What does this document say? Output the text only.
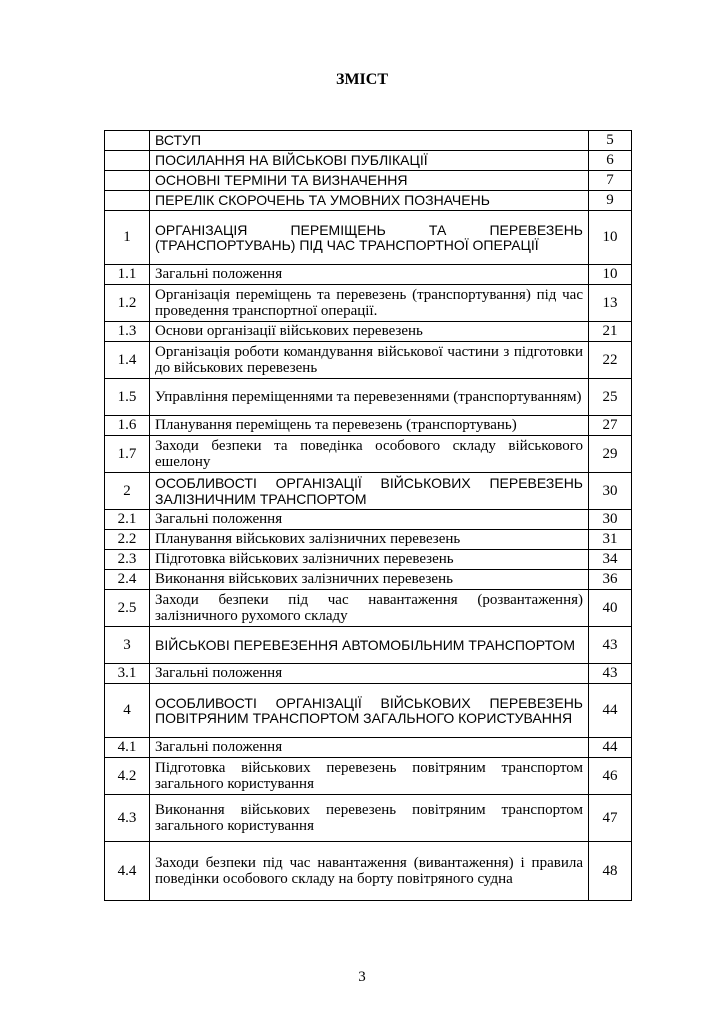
ЗМІСТ
	ВСТУП	5
	ПОСИЛАННЯ НА ВІЙСЬКОВІ ПУБЛІКАЦІЇ	6
	ОСНОВНІ ТЕРМІНИ ТА ВИЗНАЧЕННЯ	7
	ПЕРЕЛІК СКОРОЧЕНЬ ТА УМОВНИХ ПОЗНАЧЕНЬ	9
1	ОРГАНІЗАЦІЯ ПЕРЕМІЩЕНЬ ТА ПЕРЕВЕЗЕНЬ (ТРАНСПОРТУВАНЬ) ПІД ЧАС ТРАНСПОРТНОЇ ОПЕРАЦІЇ	10
1.1	Загальні положення	10
1.2	Організація переміщень та перевезень (транспортування) під час проведення транспортної операції.	13
1.3	Основи організації військових перевезень	21
1.4	Організація роботи командування військової частини з підготовки до військових перевезень	22
1.5	Управління переміщеннями та перевезеннями (транспортуванням)	25
1.6	Планування переміщень та перевезень (транспортувань)	27
1.7	Заходи безпеки та поведінка особового складу військового ешелону	29
2	ОСОБЛИВОСТІ ОРГАНІЗАЦІЇ ВІЙСЬКОВИХ ПЕРЕВЕЗЕНЬ ЗАЛІЗНИЧНИМ ТРАНСПОРТОМ	30
2.1	Загальні положення	30
2.2	Планування військових залізничних перевезень	31
2.3	Підготовка військових залізничних перевезень	34
2.4	Виконання військових залізничних перевезень	36
2.5	Заходи безпеки під час навантаження (розвантаження) залізничного рухомого складу	40
3	ВІЙСЬКОВІ ПЕРЕВЕЗЕННЯ АВТОМОБІЛЬНИМ ТРАНСПОРТОМ	43
3.1	Загальні положення	43
4	ОСОБЛИВОСТІ ОРГАНІЗАЦІЇ ВІЙСЬКОВИХ ПЕРЕВЕЗЕНЬ ПОВІТРЯНИМ ТРАНСПОРТОМ ЗАГАЛЬНОГО КОРИСТУВАННЯ	44
4.1	Загальні положення	44
4.2	Підготовка військових перевезень повітряним транспортом загального користування	46
4.3	Виконання військових перевезень повітряним транспортом загального користування	47
4.4	Заходи безпеки під час навантаження (вивантаження) і правила поведінки особового складу на борту повітряного судна	48
3
